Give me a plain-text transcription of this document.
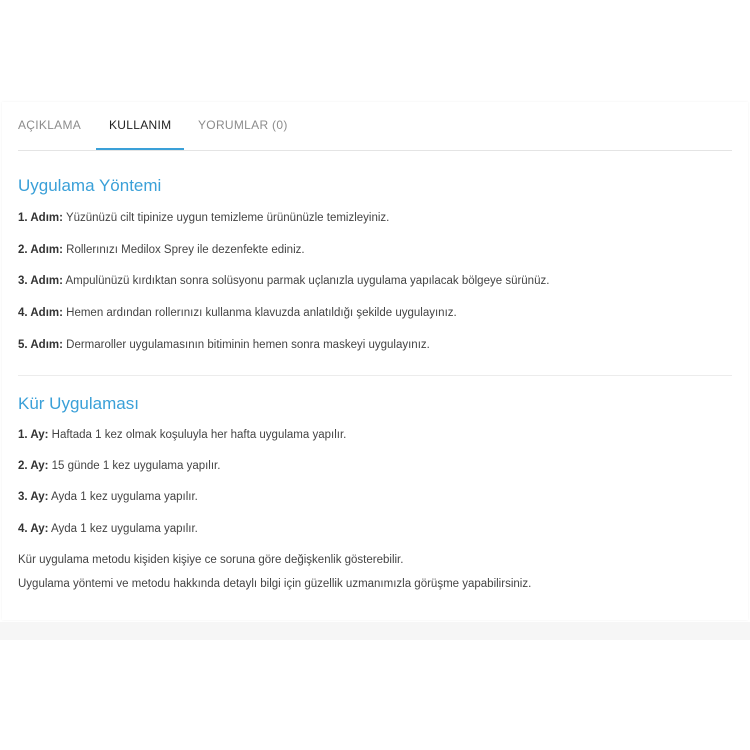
AÇIKLAMA	KULLANIM	YORUMLAR (0)
Uygulama Yöntemi
1. Adım: Yüzünüzü cilt tipinize uygun temizleme ürününüzle temizleyiniz.
2. Adım: Rollerınızı Medilox Sprey ile dezenfekte ediniz.
3. Adım: Ampulünüzü kırdıktan sonra solüsyonu parmak uçlanızla uygulama yapılacak bölgeye sürünüz.
4. Adım: Hemen ardından rollerınızı kullanma klavuzda anlatıldığı şekilde uygulayınız.
5. Adım: Dermaroller uygulamasının bitiminin hemen sonra maskeyi uygulayınız.
Kür Uygulaması
1. Ay: Haftada 1 kez olmak koşuluyla her hafta uygulama yapılır.
2. Ay: 15 günde 1 kez uygulama yapılır.
3. Ay: Ayda 1 kez uygulama yapılır.
4. Ay: Ayda 1 kez uygulama yapılır.
Kür uygulama metodu kişiden kişiye ce soruna göre değişkenlik gösterebilir.
Uygulama yöntemi ve metodu hakkında detaylı bilgi için güzellik uzmanımızla görüşme yapabilirsiniz.
